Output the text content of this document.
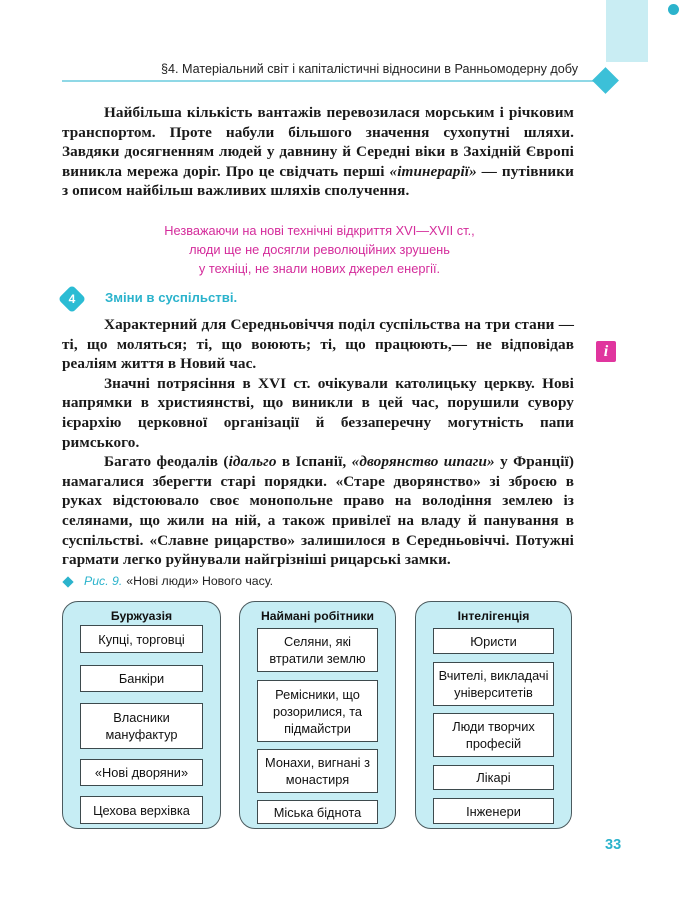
§4. Матеріальний світ і капіталістичні відносини в Ранньомодерну добу

Найбільша кількість вантажів перевозилася морським і річковим транспортом. Проте набули більшого значення сухопутні шляхи. Завдяки досягненням людей у давнину й Середні віки в Західній Європі виникла мережа доріг. Про це свідчать перші «ітинерарії» — путівники з описом найбільш важливих шляхів сполучення.

Незважаючи на нові технічні відкриття XVI—XVII ст.,
люди ще не досягли революційних зрушень
у техніці, не знали нових джерел енергії.
4	Зміни в суспільстві.
i

Характерний для Середньовіччя поділ суспільства на три стани — ті, що моляться; ті, що воюють; ті, що працюють,— не відповідав реаліям життя в Новий час.

Значні потрясіння в XVI ст. очікували католицьку церкву. Нові напрямки в християнстві, що виникли в цей час, порушили сувору ієрархію церковної організації й беззаперечну могутність папи римського.

Багато феодалів (ідальго в Іспанії, «дворянство шпаги» у Франції) намагалися зберегти старі порядки. «Старе дворянство» зі зброєю в руках відстоювало своє монопольне право на володіння землею із селянами, що жили на ній, а також привілеї на владу й панування в суспільстві. «Славне рицарство» залишилося в Середньовіччі. Потужні гармати легко руйнували найгрізніші рицарські замки.

Рис. 9. «Нові люди» Нового часу.
Буржуазія
Купці, торговці
Банкіри
Власники мануфактур
«Нові дворяни»
Цехова верхівка
Наймані робітники
Селяни, які втратили землю
Ремісники, що розорилися, та підмайстри
Монахи, вигнані з монастиря
Міська біднота
Інтелігенція
Юристи
Вчителі, викладачі університетів
Люди творчих професій
Лікарі
Інженери
33
